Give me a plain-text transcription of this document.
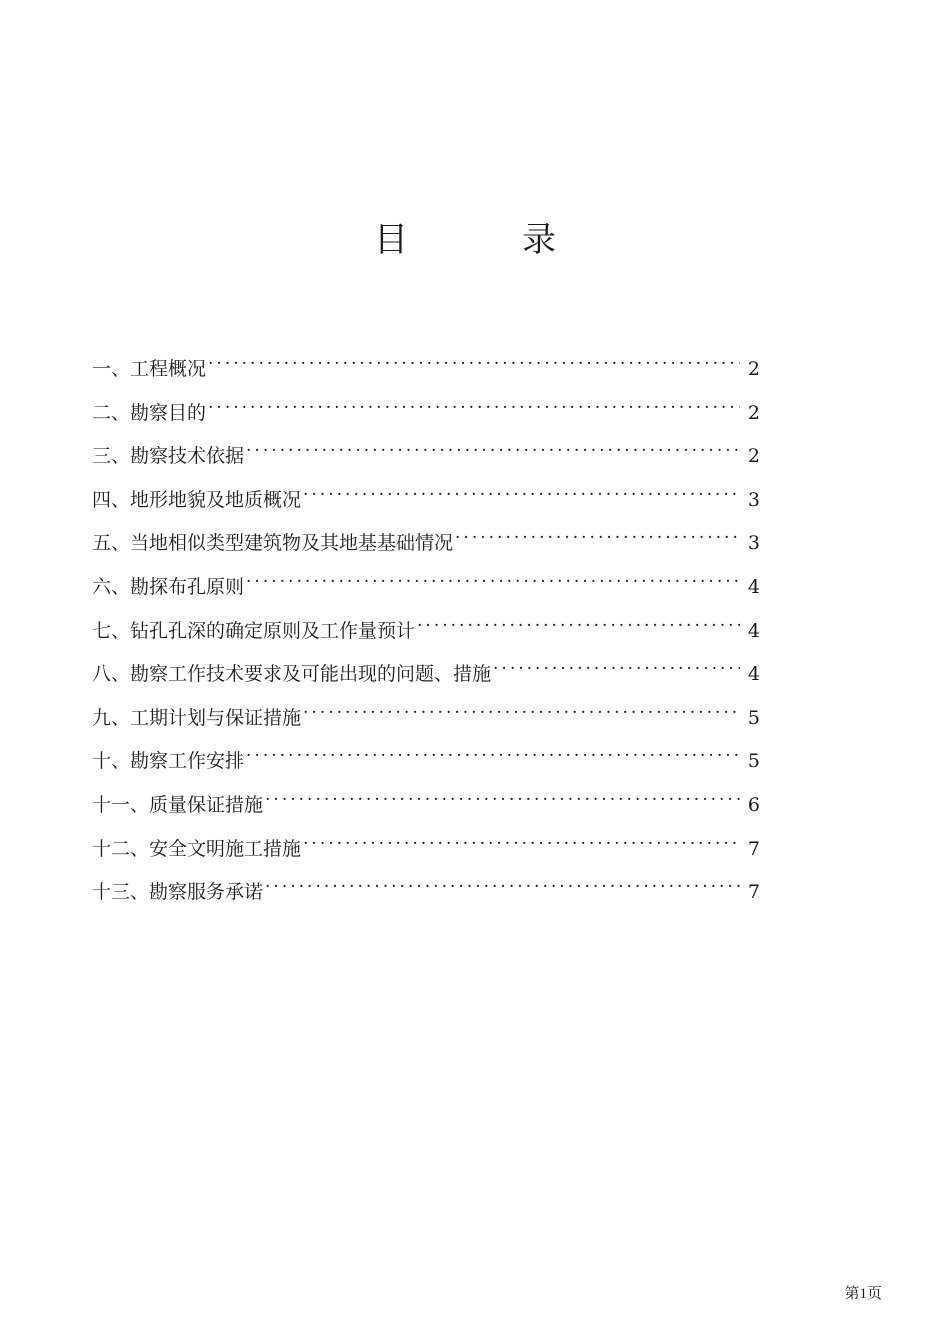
目　录
一、工程概况 . . .	2
二、勘察目的 . . .	2
三、勘察技术依据 . . .	2
四、地形地貌及地质概况 . . .	3
五、当地相似类型建筑物及其地基基础情况 . . .	3
六、勘探布孔原则 . . .	4
七、钻孔孔深的确定原则及工作量预计 . . .	4
八、勘察工作技术要求及可能出现的问题、措施 . . .	4
九、工期计划与保证措施 . . .	5
十、勘察工作安排 . . .	5
十一、质量保证措施 . . .	6
十二、安全文明施工措施 . . .	7
十三、勘察服务承诺 . . .	7
第1页
